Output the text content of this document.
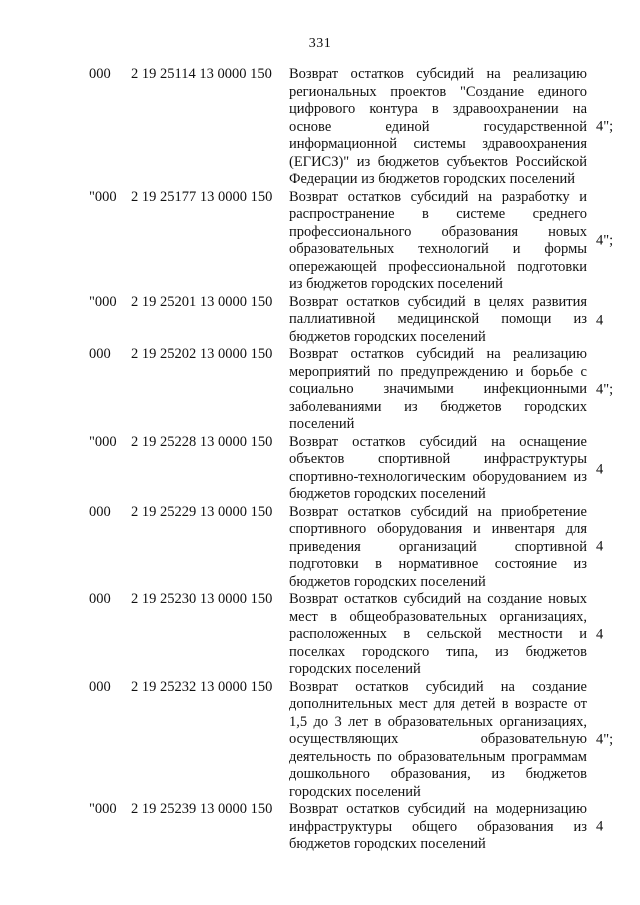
331
000 2 19 25114 13 0000 150 Возврат остатков субсидий на реализацию региональных проектов "Создание единого цифрового контура в здравоохранении на основе единой государственной информационной системы здравоохранения (ЕГИСЗ)" из бюджетов субъектов Российской Федерации из бюджетов городских поселений
4";
"000 2 19 25177 13 0000 150 Возврат остатков субсидий на разработку и распространение в системе среднего профессионального образования новых образовательных технологий и формы опережающей профессиональной подготовки из бюджетов городских поселений
4";
"000 2 19 25201 13 0000 150 Возврат остатков субсидий в целях развития паллиативной медицинской помощи из бюджетов городских поселений
4
000 2 19 25202 13 0000 150 Возврат остатков субсидий на реализацию мероприятий по предупреждению и борьбе с социально значимыми инфекционными заболеваниями из бюджетов городских поселений
4";
"000 2 19 25228 13 0000 150 Возврат остатков субсидий на оснащение объектов спортивной инфраструктуры спортивно-технологическим оборудованием из бюджетов городских поселений
4
000 2 19 25229 13 0000 150 Возврат остатков субсидий на приобретение спортивного оборудования и инвентаря для приведения организаций спортивной подготовки в нормативное состояние из бюджетов городских поселений
4
000 2 19 25230 13 0000 150 Возврат остатков субсидий на создание новых мест в общеобразовательных организациях, расположенных в сельской местности и поселках городского типа, из бюджетов городских поселений
4
000 2 19 25232 13 0000 150 Возврат остатков субсидий на создание дополнительных мест для детей в возрасте от 1,5 до 3 лет в образовательных организациях, осуществляющих образовательную деятельность по образовательным программам дошкольного образования, из бюджетов городских поселений
4";
"000 2 19 25239 13 0000 150 Возврат остатков субсидий на модернизацию инфраструктуры общего образования из бюджетов городских поселений
4
